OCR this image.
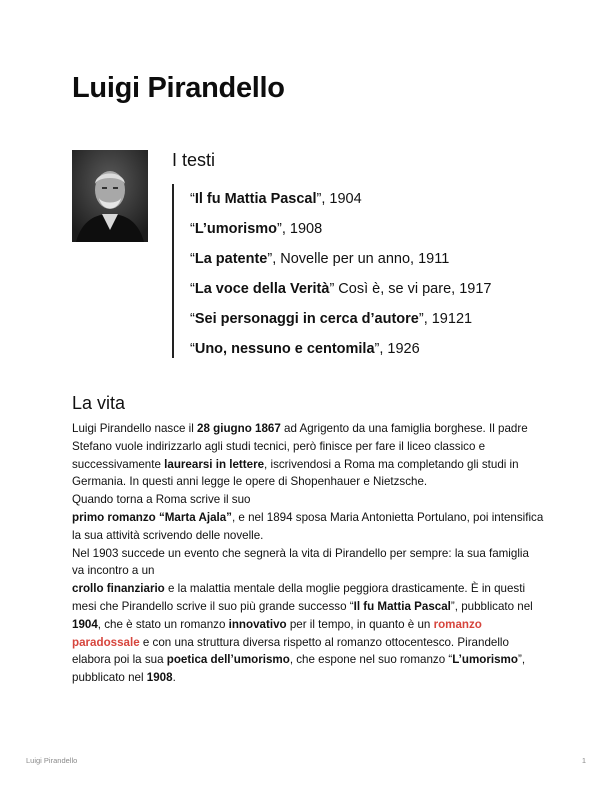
Luigi Pirandello
I testi
“Il fu Mattia Pascal”, 1904
“L’umorismo”, 1908
“La patente”, Novelle per un anno, 1911
“La voce della Verità” Così è, se vi pare, 1917
“Sei personaggi in cerca d’autore”, 19121
“Uno, nessuno e centomila”, 1926
La vita

Luigi Pirandello nasce il 28 giugno 1867 ad Agrigento da una famiglia borghese. Il padre Stefano vuole indirizzarlo agli studi tecnici, però finisce per fare il liceo classico e successivamente laurearsi in lettere, iscrivendosi a Roma ma completando gli studi in Germania. In questi anni legge le opere di Shopenhauer e Nietzsche.

Quando torna a Roma scrive il suo
primo romanzo “Marta Ajala”, e nel 1894 sposa Maria Antonietta Portulano, poi intensifica la sua attività scrivendo delle novelle.

Nel 1903 succede un evento che segnerà la vita di Pirandello per sempre: la sua famiglia va incontro a un
crollo finanziario e la malattia mentale della moglie peggiora drasticamente. È in questi mesi che Pirandello scrive il suo più grande successo “Il fu Mattia Pascal”, pubblicato nel 1904, che è stato un romanzo innovativo per il tempo, in quanto è un romanzo paradossale e con una struttura diversa rispetto al romanzo ottocentesco. Pirandello elabora poi la sua poetica dell’umorismo, che espone nel suo romanzo “L’umorismo”, pubblicato nel 1908.

Luigi Pirandello	1
